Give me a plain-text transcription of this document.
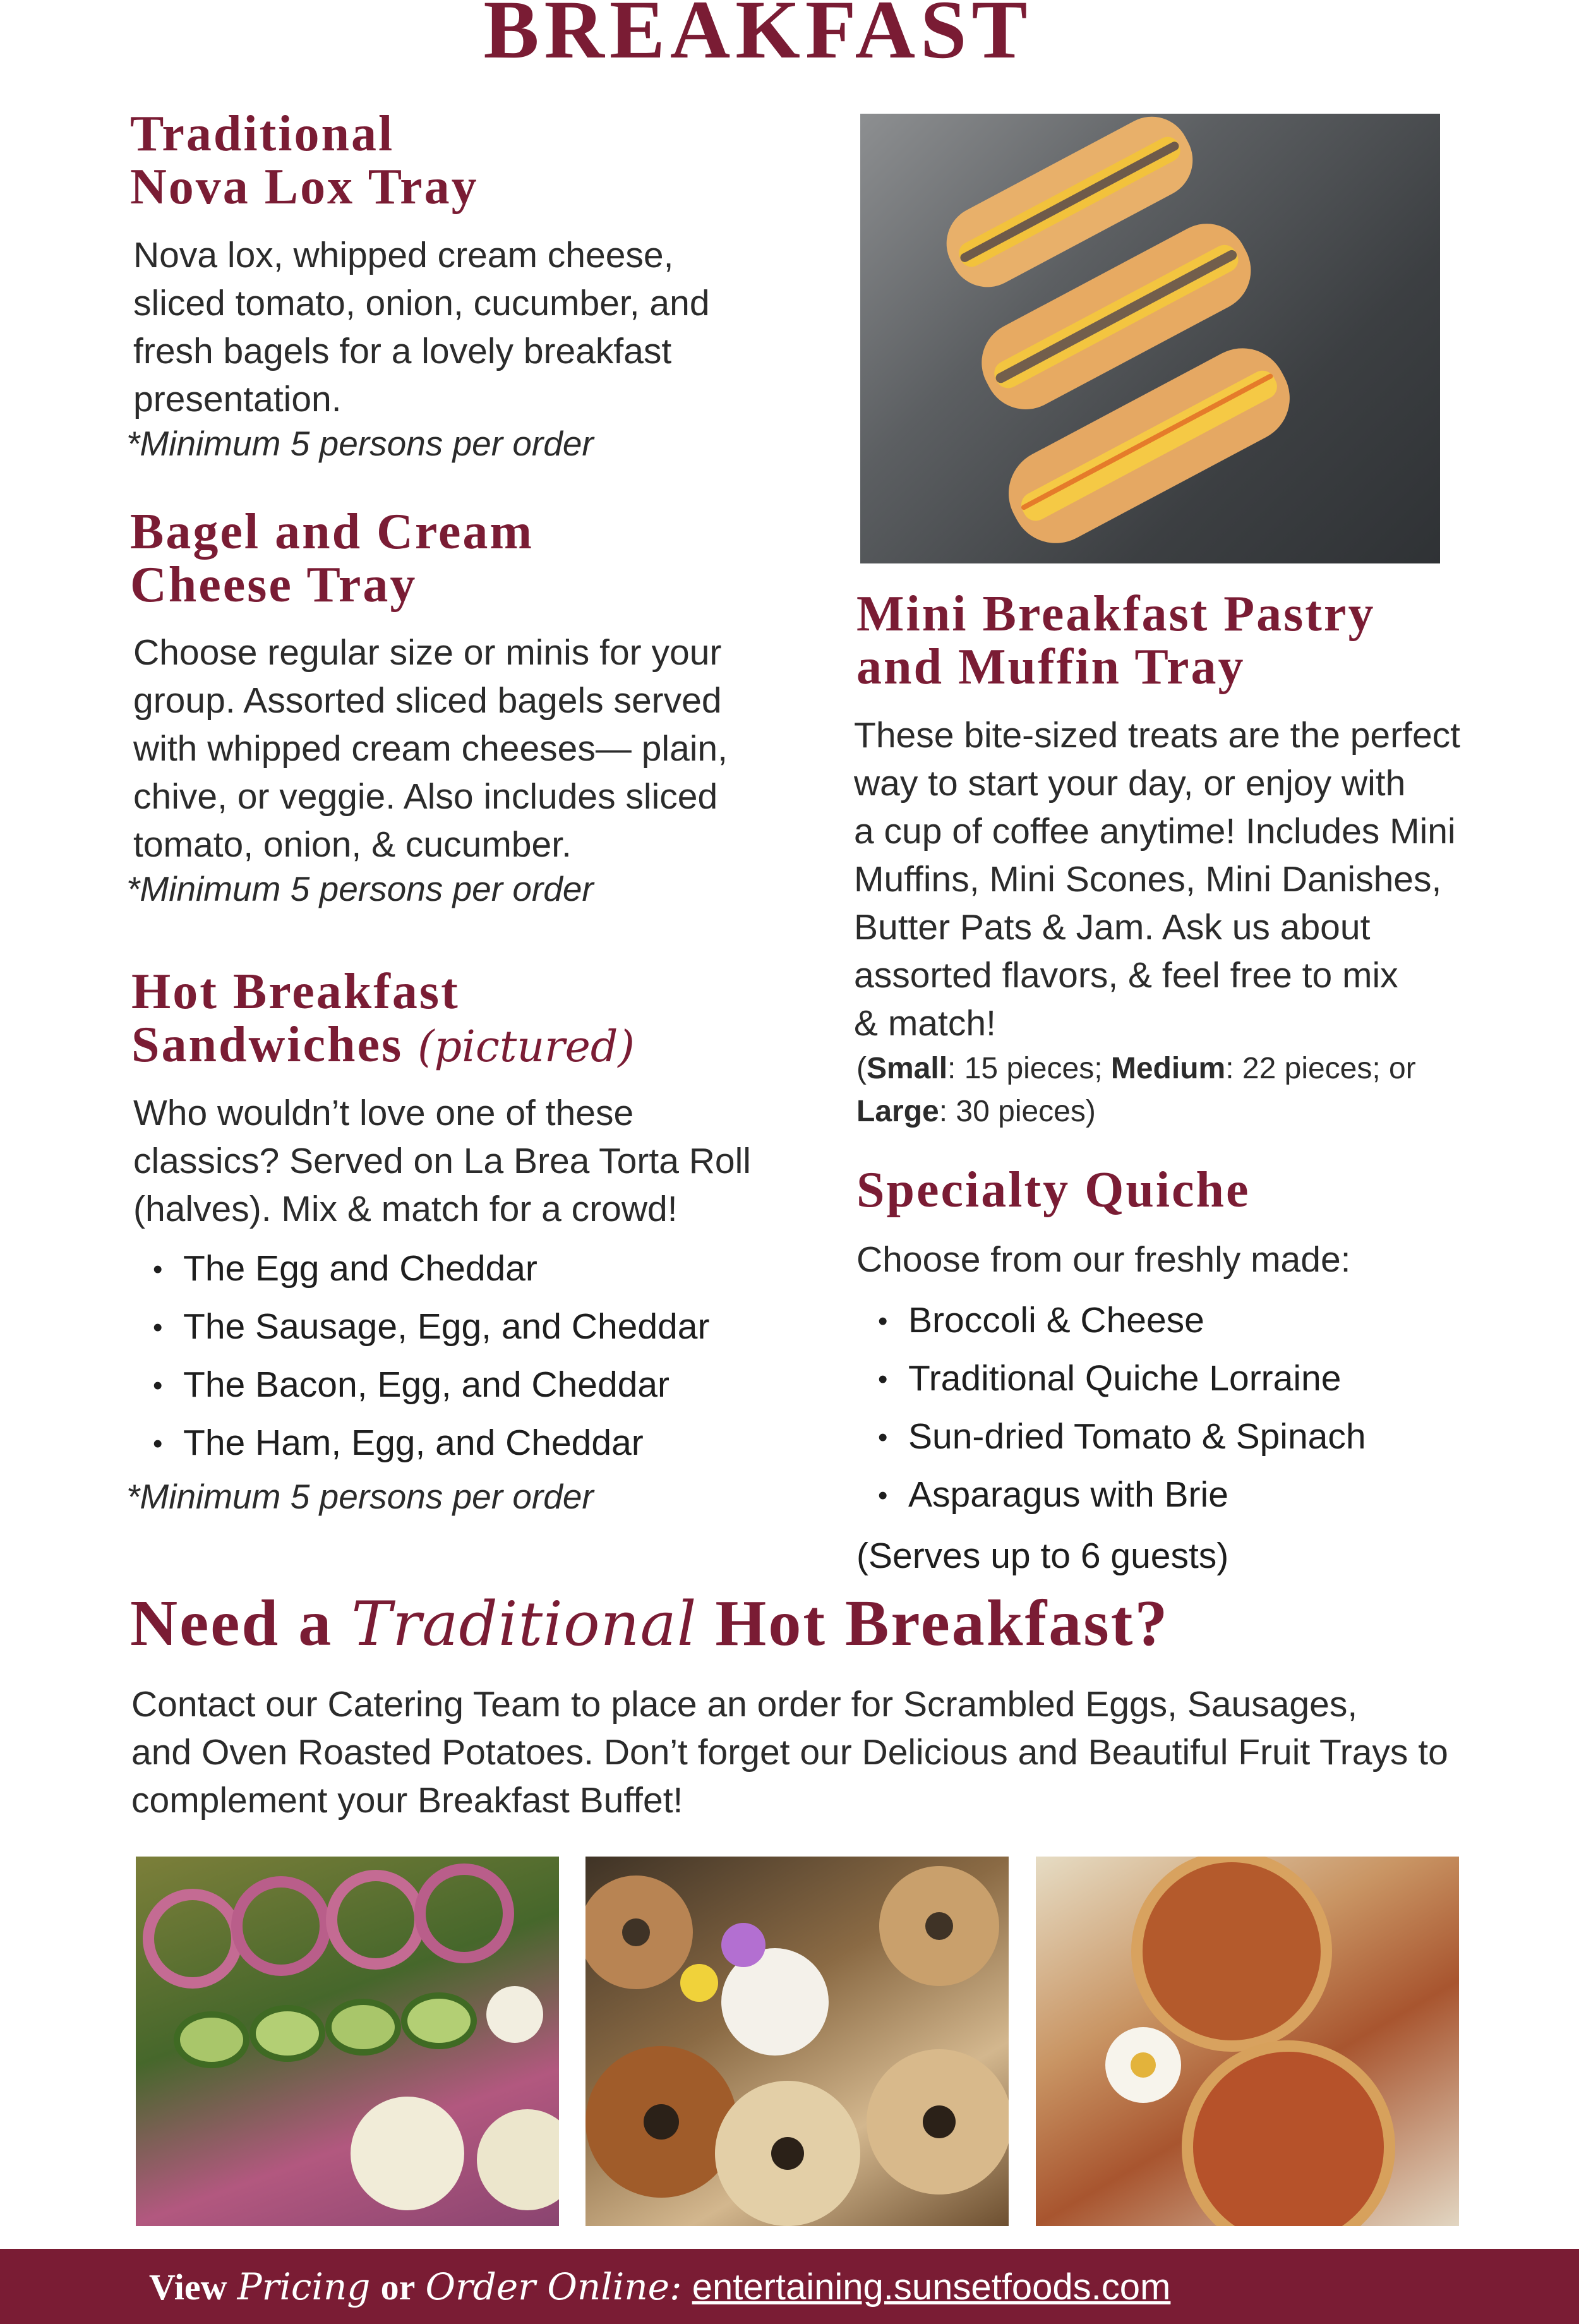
BREAKFAST
Traditional
Nova Lox Tray
Nova lox, whipped cream cheese,
sliced tomato, onion, cucumber, and
fresh bagels for a lovely breakfast
presentation.
*Minimum 5 persons per order
Bagel and Cream
Cheese Tray
Choose regular size or minis for your
group. Assorted sliced bagels served
with whipped cream cheeses— plain,
chive, or veggie. Also includes sliced
tomato, onion, & cucumber.
*Minimum 5 persons per order
Hot Breakfast
Sandwiches (pictured)
Who wouldn’t love one of these
classics? Served on La Brea Torta Roll
(halves). Mix & match for a crowd!
• The Egg and Cheddar
• The Sausage, Egg, and Cheddar
• The Bacon, Egg, and Cheddar
• The Ham, Egg, and Cheddar
*Minimum 5 persons per order
Mini Breakfast Pastry
and Muffin Tray
These bite-sized treats are the perfect
way to start your day, or enjoy with
a cup of coffee anytime! Includes Mini
Muffins, Mini Scones, Mini Danishes,
Butter Pats & Jam. Ask us about
assorted flavors, & feel free to mix
& match!
(Small: 15 pieces; Medium: 22 pieces; or
Large: 30 pieces)
Specialty Quiche
Choose from our freshly made:
• Broccoli & Cheese
• Traditional Quiche Lorraine
• Sun-dried Tomato & Spinach
• Asparagus with Brie
(Serves up to 6 guests)
Need a Traditional Hot Breakfast?
Contact our Catering Team to place an order for Scrambled Eggs, Sausages,
and Oven Roasted Potatoes. Don’t forget our Delicious and Beautiful Fruit Trays to
complement your Breakfast Buffet!
View Pricing or Order Online: entertaining.sunsetfoods.com
